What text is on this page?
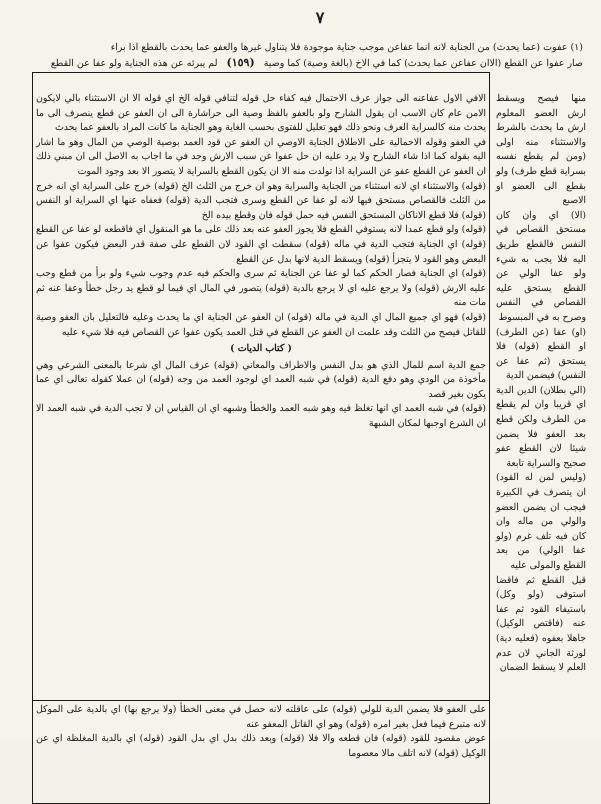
٧
(١) عفوت (عما يحدث) من الجناية لانه انما عفاعن موجب جناية موجودة فلا يتناول غيرها والعفو عما يحدث بالقطع اذا براء
صار عفوا عن القطع (الاان عفاعن عما يحدث) كما في الاخ (بالغة وصية) كما وصية (١٥٩) لم يبرئه عن هذه الجناية ولو عفا عن القطع

الافي الاول عفاعنه الى جواز عرف الاحتمال فيه كفاء حل قوله لتنافي قوله الخ اي قوله الا ان الاستثناء بالي لايكون الامن عام كان الاسب ان يقول الشارح ولو بالعفو بالفظ وصية الى حراشارة الى ان العفو عن قطع ينصرف الى ما يحدث منه كالسراية العرف ونحو ذلك فهو تعليل للفتوى بحسب الغاية وهو الجناية ما كانت المراد بالعفو عما يحدث

في العفو وقوله الاحمالية على الاطلاق الجناية الاوصي ان العفو عن قود العمد بوصية الوصي من المال وهو ما اشار اليه بقوله كما اذا شاء الشارح ولا يرد عليه ان حل عفوا عن سبب الارش وجد في ما اجاب به الاصل الى ان مبني ذلك ان العفو عن القطع عفو عن السراية اذا تولدت منه الا ان يكون القطع بالسراية لا يتصور الا بعد وجود الموت

(قوله) والاستثناء اي لانه استثناء من الجناية والسراية وهو ان خرج من الثلث الخ (قوله) خرج على السراية اي انه خرج من الثلث فالقصاص مستحق فيها لانه لو عفا عن القطع وسرى فتجب الدية (قوله) فعفاه عنها اي السراية او النفس (قوله) فلا قطع الاناكان المستحق النفس فيه حمل قوله فان وقطع بيده الخ

(قوله) ولو قطع عمدا لانه يستوفي القطع فلا يجوز العفو عنه بعد ذلك على ما هو المنقول اي فاقطعه لو عفا عن القطع (قوله) اي الجناية فتجب الدية في ماله (قوله) سقطت اي القود لان القطع على صفة قدر البعض فيكون عفوا عن البعض وهو القود لا يتجزأ (قوله) ويسقط الدية لانها بدل عن القطع

(قوله) اي الجناية فصار الحكم كما لو عفا عن الجناية ثم سرى والحكم فيه عدم وجوب شيء ولو برأ من قطع وجب عليه الارش (قوله) ولا يرجع عليه اي لا يرجع بالدية (قوله) يتصور في المال اي فيما لو قطع يد رجل خطأ وعفا عنه ثم مات منه

(قوله) فهو اي جميع المال اي الدية في ماله (قوله) ان العفو عن الجناية اي ما يحدث وعليه فالتعليل بان العفو وصية للقاتل فيصح من الثلث وقد علمت ان العفو عن القطع في قتل العمد يكون عفوا عن القصاص فيه فلا شيء عليه

( كتاب الديات )

جمع الدية اسم للمال الذي هو بدل النفس والاطراف والمعاني (قوله) عرف المال اي شرعا بالمعنى الشرعي وهي مأخوذة من الودي وهو دفع الدية (قوله) في شبه العمد اي لوجود العمد من وجه (قوله) ان عملا كقوله تعالى اي عما يكون بغير قصد

(قوله) في شبه العمد اي انها تغلظ فيه وهو شبه العمد والخطأ وشبهه اي ان القياس ان لا تجب الدية في شبه العمد الا ان الشرع اوجبها لمكان الشبهة

منها فيصح ويسقط ارش العضو المعلوم ارش ما يحدث بالشرط والاستثناء منه اولى (ومن لم يقطع نفسه بسراية قطع طرف) ولو بقطع الى العضو او الاصبع

(الا) اي وان كان مستحق القصاص في النفس فالقطع طريق اليه فلا يجب به شيء ولو عفا الولي عن القطع يستحق عليه القصاص في النفس وصرح به في المبسوط

(او) عفا (عن الطرف) او القطع (قوله) فلا يستحق (ثم عفا عن النفس) فيضمن الدية

(الي بطلان) الدين الدية اي قريبا وان لم يقطع من الطرف ولكن قطع بعد العفو فلا يضمن شيئا لان القطع عفو صحيح والسراية تابعة

(وليس لمن له القود) ان يتصرف في الكبيرة فيجب ان يضمن العضو والولي من ماله وان كان فيه تلف غرم (ولو عفا الولي) من بعد القطع والمولى عليه

قبل القطع ثم فاقضا استوفى (ولو وكل) باستيفاء القود ثم عفا عنه (فاقتص الوكيل) جاهلا بعفوه (فعليه دية) لورثة الجاني لان عدم العلم لا يسقط الضمان

على العفو فلا يضمن الدية للولي (قوله) على عاقلته لانه حصل في معنى الخطأ (ولا يرجع بها) اي بالدية على الموكل لانه متبرع فيما فعل بغير امره (قوله) وهو اي القاتل المعفو عنه

عوض مقصود للقود (قوله) فان قطعه والا فلا (قوله) وبعد ذلك بدل اي بدل القود (قوله) اي بالدية المغلظة اي عن الوكيل (قوله) لانه اتلف مالا معصوما
